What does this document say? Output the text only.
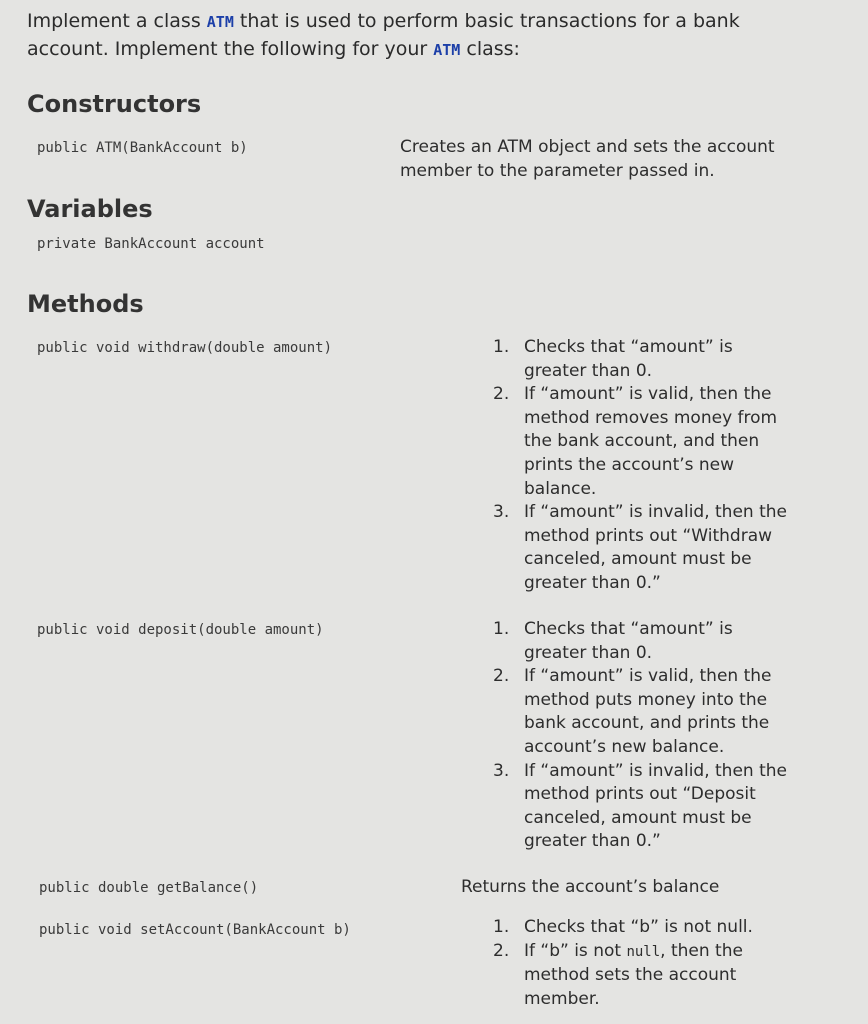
Implement a class ATM that is used to perform basic transactions for a bank
account. Implement the following for your ATM class:
Constructors
public ATM(BankAccount b)	Creates an ATM object and sets the account
member to the parameter passed in.
Variables
private BankAccount account
Methods
public void withdraw(double amount)	1. Checks that “amount” is
greater than 0.
2. If “amount” is valid, then the
method removes money from
the bank account, and then
prints the account’s new
balance.
3. If “amount” is invalid, then the
method prints out “Withdraw
canceled, amount must be
greater than 0.”
public void deposit(double amount)	1. Checks that “amount” is
greater than 0.
2. If “amount” is valid, then the
method puts money into the
bank account, and prints the
account’s new balance.
3. If “amount” is invalid, then the
method prints out “Deposit
canceled, amount must be
greater than 0.”
public double getBalance()	Returns the account’s balance
public void setAccount(BankAccount b)	1. Checks that “b” is not null.
2. If “b” is not null, then the
method sets the account
member.
